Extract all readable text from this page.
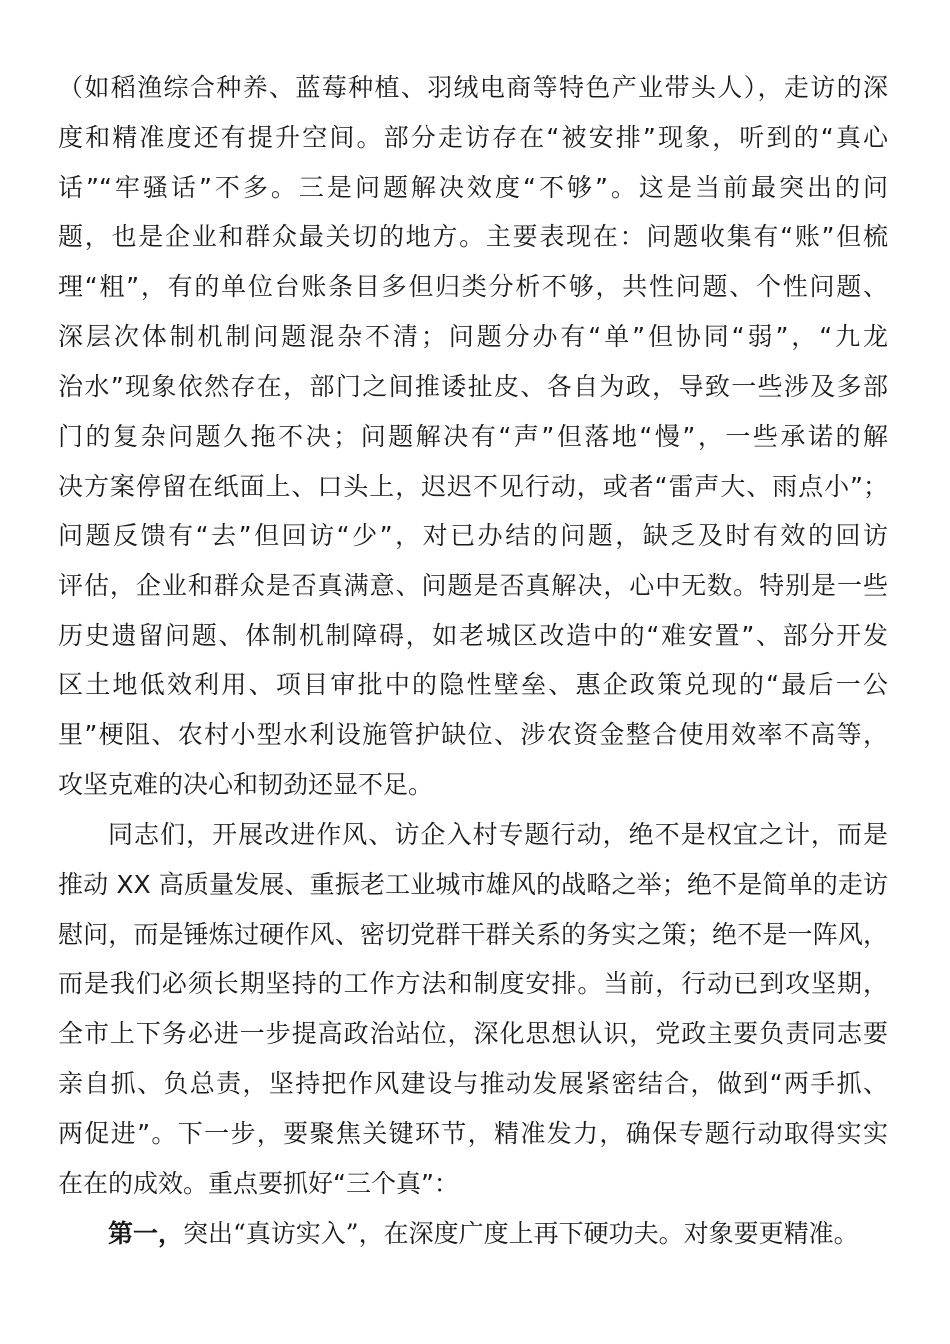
（如稻渔综合种养、蓝莓种植、羽绒电商等特色产业带头人），走访的深
度和精准度还有提升空间。部分走访存在“被安排”现象，听到的“真心
话”“牢骚话”不多。三是问题解决效度“不够”。这是当前最突出的问
题，也是企业和群众最关切的地方。主要表现在：问题收集有“账”但梳
理“粗”，有的单位台账条目多但归类分析不够，共性问题、个性问题、
深层次体制机制问题混杂不清；问题分办有“单”但协同“弱”，“九龙
治水”现象依然存在，部门之间推诿扯皮、各自为政，导致一些涉及多部
门的复杂问题久拖不决；问题解决有“声”但落地“慢”，一些承诺的解
决方案停留在纸面上、口头上，迟迟不见行动，或者“雷声大、雨点小”；
问题反馈有“去”但回访“少”，对已办结的问题，缺乏及时有效的回访
评估，企业和群众是否真满意、问题是否真解决，心中无数。特别是一些
历史遗留问题、体制机制障碍，如老城区改造中的“难安置”、部分开发
区土地低效利用、项目审批中的隐性壁垒、惠企政策兑现的“最后一公
里”梗阻、农村小型水利设施管护缺位、涉农资金整合使用效率不高等，
攻坚克难的决心和韧劲还显不足。
同志们，开展改进作风、访企入村专题行动，绝不是权宜之计，而是
推动 XX 高质量发展、重振老工业城市雄风的战略之举；绝不是简单的走访
慰问，而是锤炼过硬作风、密切党群干群关系的务实之策；绝不是一阵风，
而是我们必须长期坚持的工作方法和制度安排。当前，行动已到攻坚期，
全市上下务必进一步提高政治站位，深化思想认识，党政主要负责同志要
亲自抓、负总责，坚持把作风建设与推动发展紧密结合，做到“两手抓、
两促进”。下一步，要聚焦关键环节，精准发力，确保专题行动取得实实
在在的成效。重点要抓好“三个真”：
第一，突出“真访实入”，在深度广度上再下硬功夫。对象要更精准。
